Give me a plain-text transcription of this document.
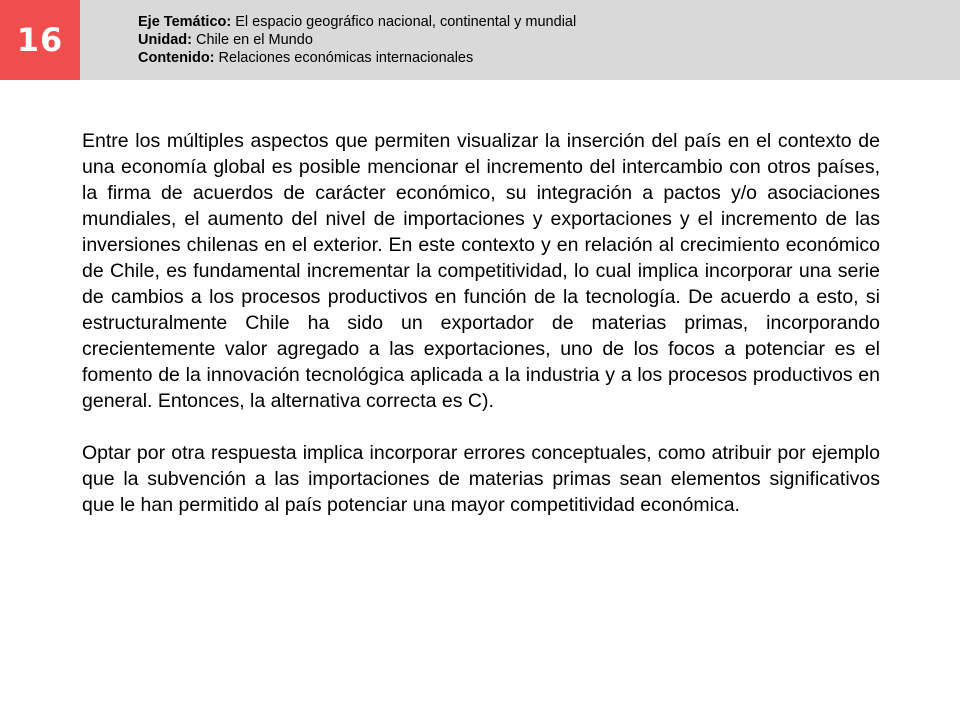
16	Eje Temático: El espacio geográfico nacional, continental y mundial
Unidad: Chile en el Mundo
Contenido: Relaciones económicas internacionales

Entre los múltiples aspectos que permiten visualizar la inserción del país en el contexto de una economía global es posible mencionar el incremento del intercambio con otros países, la firma de acuerdos de carácter económico, su integración a pactos y/o asociaciones mundiales, el aumento del nivel de importaciones y exportaciones y el incremento de las inversiones chilenas en el exterior. En este contexto y en relación al crecimiento económico de Chile, es fundamental incrementar la competitividad, lo cual implica incorporar una serie de cambios a los procesos productivos en función de la tecnología. De acuerdo a esto, si estructuralmente Chile ha sido un exportador de materias primas, incorporando crecientemente valor agregado a las exportaciones, uno de los focos a potenciar es el fomento de la innovación tecnológica aplicada a la industria y a los procesos productivos en general. Entonces, la alternativa correcta es C).

Optar por otra respuesta implica incorporar errores conceptuales, como atribuir por ejemplo que la subvención a las importaciones de materias primas sean elementos significativos que le han permitido al país potenciar una mayor competitividad económica.
